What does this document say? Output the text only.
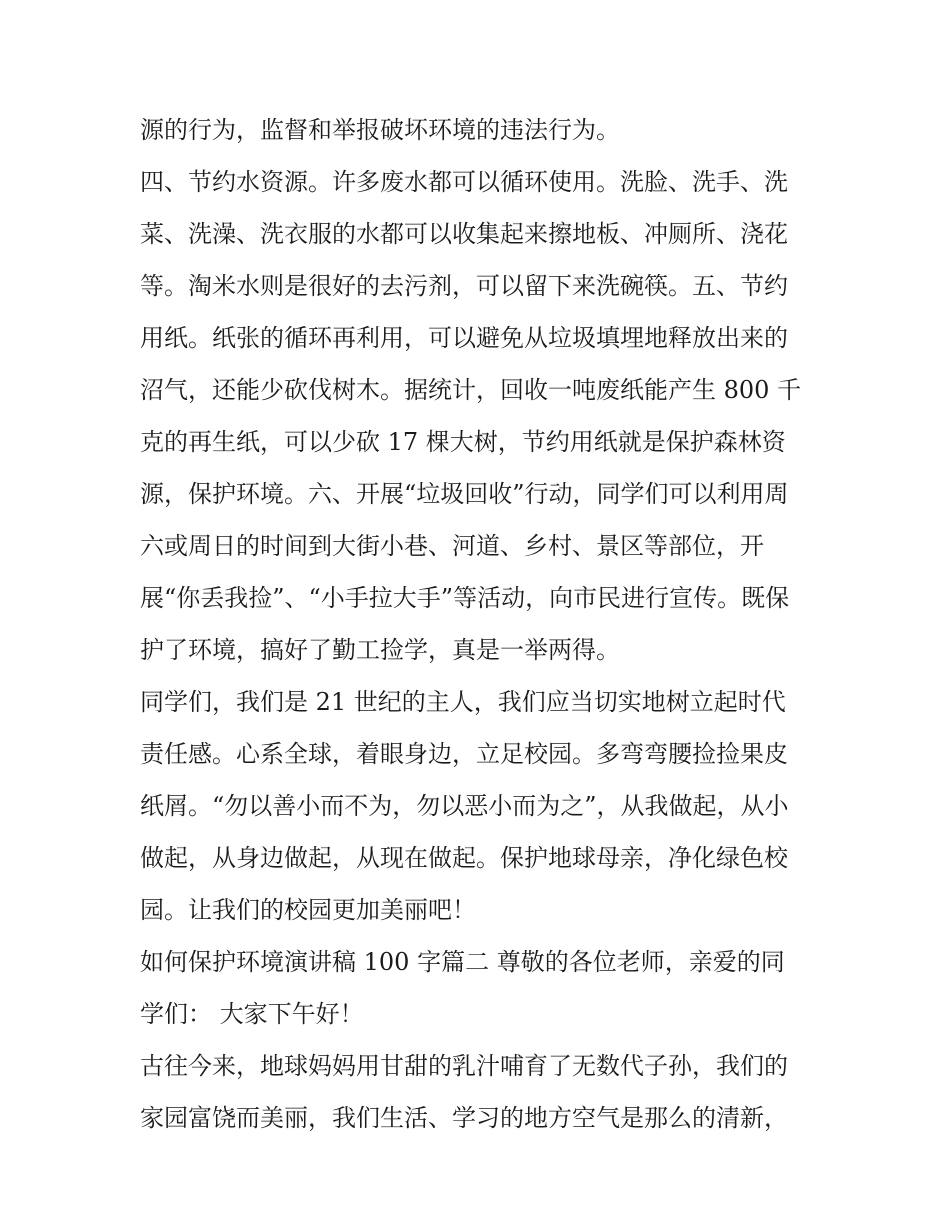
源的行为，监督和举报破坏环境的违法行为。
四、节约水资源。许多废水都可以循环使用。洗脸、洗手、洗
菜、洗澡、洗衣服的水都可以收集起来擦地板、冲厕所、浇花
等。淘米水则是很好的去污剂，可以留下来洗碗筷。五、节约
用纸。纸张的循环再利用，可以避免从垃圾填埋地释放出来的
沼气，还能少砍伐树木。据统计，回收一吨废纸能产生 800 千
克的再生纸，可以少砍 17 棵大树，节约用纸就是保护森林资
源，保护环境。六、开展“垃圾回收”行动，同学们可以利用周
六或周日的时间到大街小巷、河道、乡村、景区等部位，开
展“你丢我捡”、“小手拉大手”等活动，向市民进行宣传。既保
护了环境，搞好了勤工捡学，真是一举两得。
同学们，我们是 21 世纪的主人，我们应当切实地树立起时代
责任感。心系全球，着眼身边，立足校园。多弯弯腰捡捡果皮
纸屑。“勿以善小而不为，勿以恶小而为之”，从我做起，从小
做起，从身边做起，从现在做起。保护地球母亲，净化绿色校
园。让我们的校园更加美丽吧！
如何保护环境演讲稿 100 字篇二 尊敬的各位老师，亲爱的同
学们： 大家下午好！
古往今来，地球妈妈用甘甜的乳汁哺育了无数代子孙，我们的
家园富饶而美丽，我们生活、学习的地方空气是那么的清新，
